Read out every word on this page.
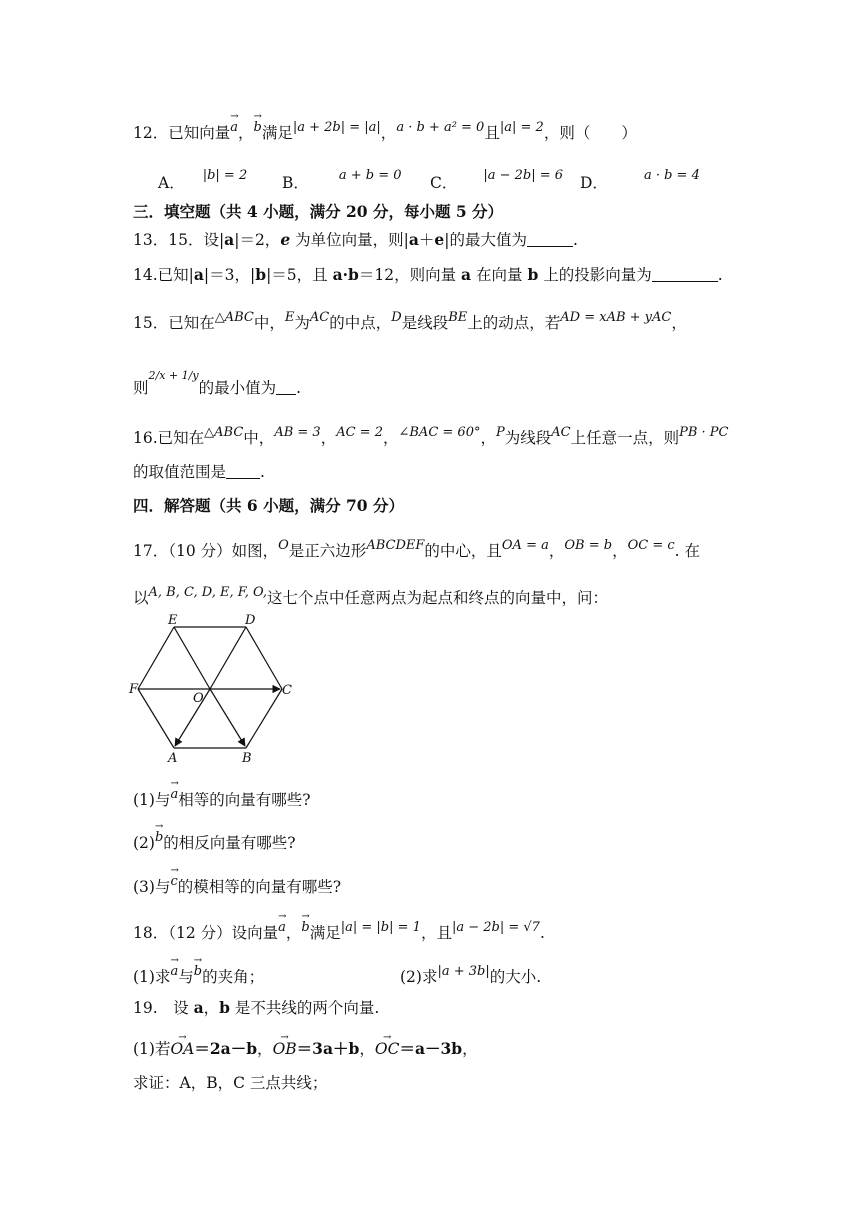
12．已知向量→ a，→ b满足$^{|a + 2b| = |a|}$，$^{a \cdot b + a^2 = 0}$且$^{|a| = 2}$，则（　　）
A． |b| = 2 B． a + b = 0 C． |a − 2b| = 6 D．	a · b = 4
三．填空题（共 4 小题，满分 20 分，每小题 5 分）
13．15．设|a|＝2，e 为单位向量，则|a＋e|的最大值为	.
14.已知|a|＝3，|b|＝5，且 a·b＝12，则向量 a 在向量 b 上的投影向量为	.
15．已知在$^{\triangle ABC}$中，$^E$为$^{AC}$的中点，$^D$是线段$^{BE}$上的动点，若$^{AD = xAB + yAC}$，
则$^{2/x + 1/y}$的最小值为 .
16.已知在$^{\triangle ABC}$中，$^{AB = 3}$，$^{AC = 2}$，$^{\angle BAC = 60^\circ}$，$^P$为线段$^{AC}$上任意一点，则$^{PB \cdot PC}$
的取值范围是 .
四．解答题（共 6 小题，满分 70 分）
17．（10 分）如图，$^O$是正六边形$^{ABCDEF}$的中心，且$^{OA = a}$，$^{OB = b}$，$^{OC = c}$. 在
以$^{A, B, C, D, E, F, O,}$这七个点中任意两点为起点和终点的向量中，问：
E	D
F
O
C
A	B
(1)与→ a相等的向量有哪些?
(2)→ b的相反向量有哪些?
(3)与→ c的模相等的向量有哪些?
18．（12 分）设向量→ a，→ b满足$^{|a| = |b| = 1}$，且$^{|a - 2b| = √7}$.
(1)求→ a与→ b的夹角；	(2)求$^{|a + 3b|}$的大小.
19.　设 a，b 是不共线的两个向量.
(1)若→ OA＝2a－b，→ OB＝3a＋b，→ OC＝a－3b，
求证：A，B，C 三点共线；
